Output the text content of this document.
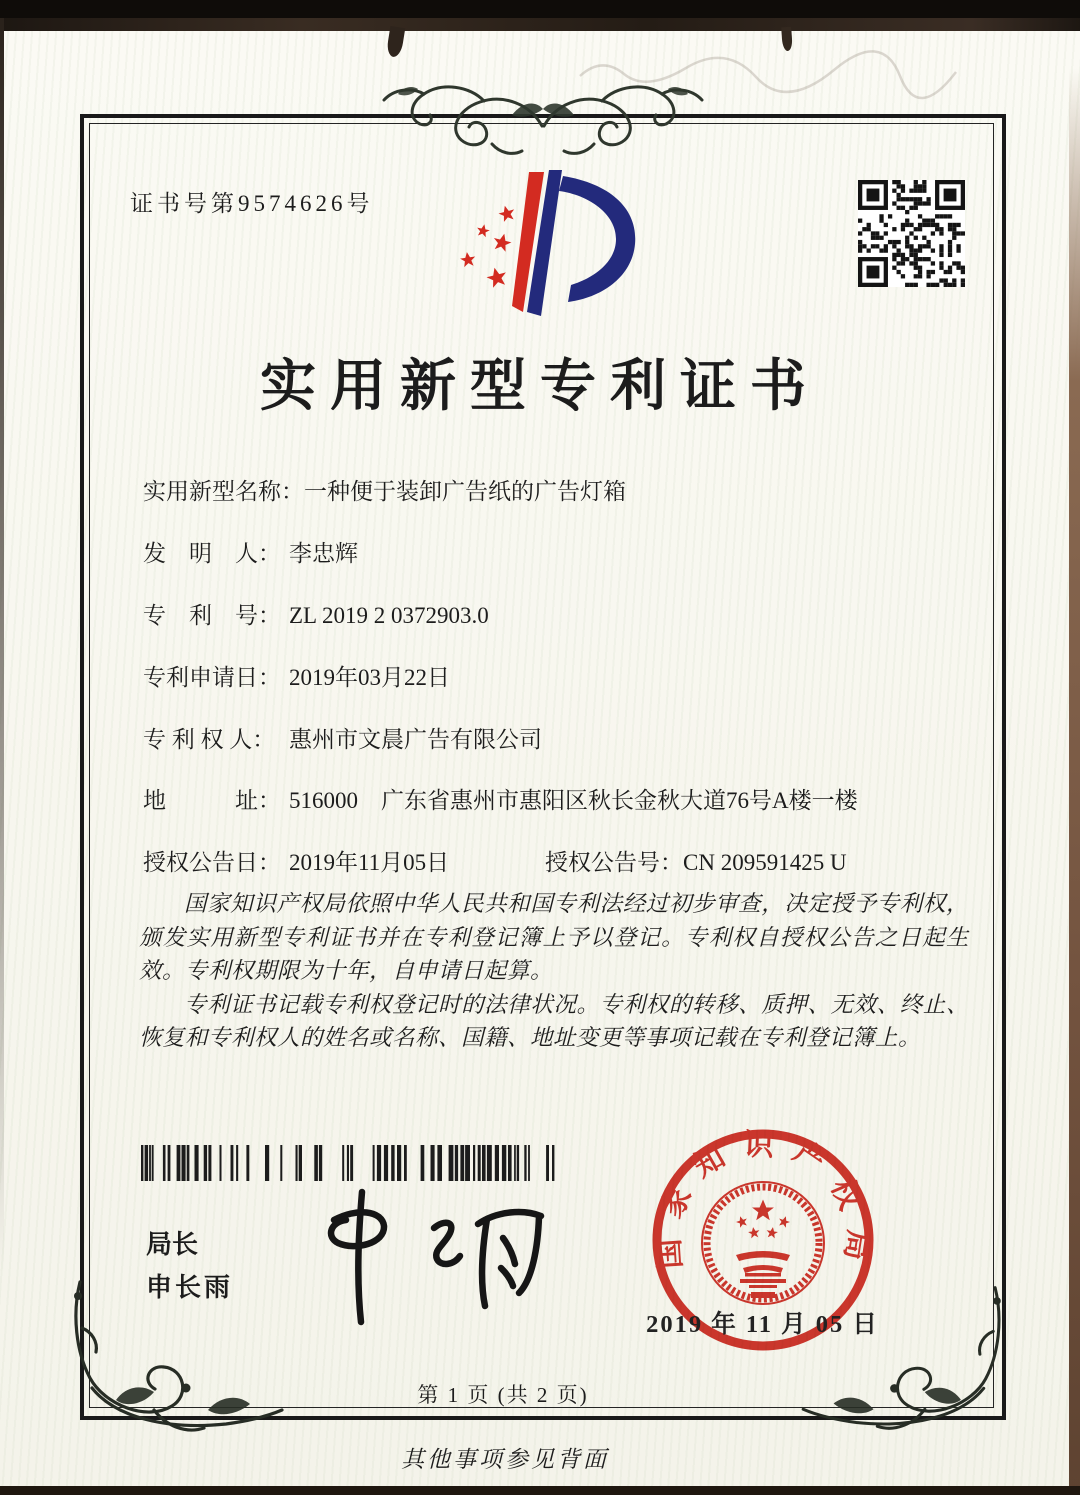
证书号第9574626号
实用新型专利证书
实用新型名称：一种便于装卸广告纸的广告灯箱
发　明　人： 李忠辉
专　利　号： ZL 2019 2 0372903.0
专利申请日： 2019年03月22日
专 利 权 人： 惠州市文晨广告有限公司
地　　　址： 516000　广东省惠州市惠阳区秋长金秋大道76号A楼一楼
授权公告日： 2019年11月05日	授权公告号：CN 209591425 U

国家知识产权局依照中华人民共和国专利法经过初步审查，决定授予专利权，颁发实用新型专利证书并在专利登记簿上予以登记。专利权自授权公告之日起生效。专利权期限为十年，自申请日起算。

专利证书记载专利权登记时的法律状况。专利权的转移、质押、无效、终止、恢复和专利权人的姓名或名称、国籍、地址变更等事项记载在专利登记簿上。

局长
申长雨
国家知识产权局
2019 年 11 月 05 日
第 1 页 (共 2 页)
其他事项参见背面
